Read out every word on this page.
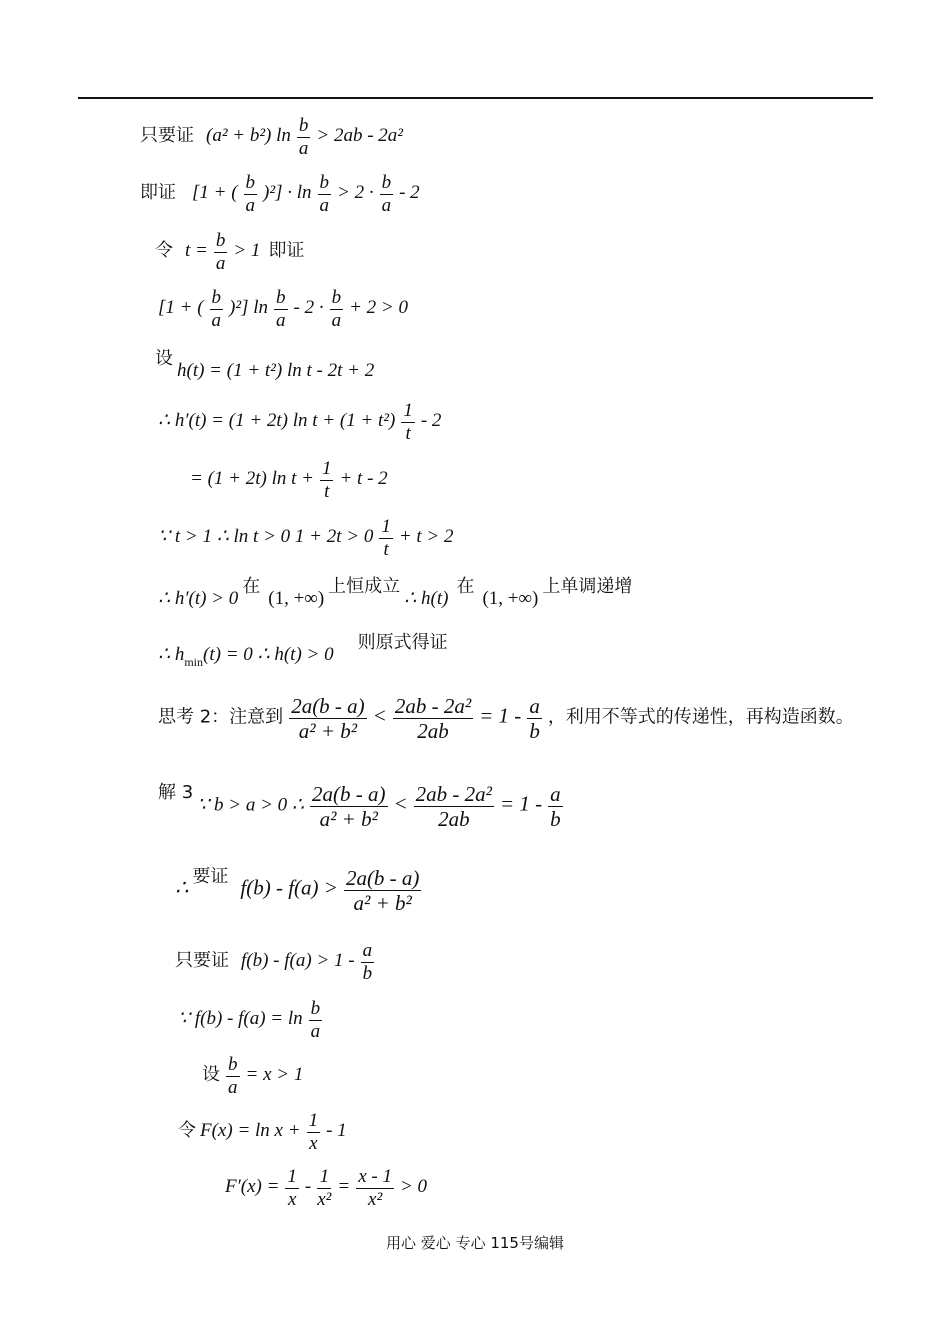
只要证 (a² + b²) $\ln \frac{b}{a} > 2ab - 2a^2$
即证 [1 + ( $\frac{b}{a} )^2] \cdot \ln \frac{b}{a} > 2 \cdot \frac{b}{a} - 2$
令 $t = \frac{b}{a} > 1$ 即证
[1 + ( $\frac{b}{a} )^2$] $\ln \frac{b}{a} - 2 \cdot \frac{b}{a} + 2 > 0$
设 h(t) = (1 + t²) ln t - 2t + 2
∴ h′(t) = (1 + 2t) $\ln t + (1 + t^2) \frac{1}{t} - 2$
= (1 + 2t) $\ln t + \frac{1}{t} + t - 2$
∵ t > 1 ∴ ln t > 0 $1 + 2t > 0 \frac{1}{t} + t > 2$
∴ h′(t) > 0 在  (1, +∞) 上恒成立 ∴ h(t)  在  (1, +∞) 上单调递增
∴ $h_{min}(t) = 0$ ∴ h(t) > 0      则原式得证
思考 2：注意到 $\frac{2a(b - a)}{\text{a² + b²}} < \frac{\text{2ab - 2a²}}{2ab} = 1 - \frac{a}{b}$ ，利用不等式的传递性，再构造函数。
解 3 ∵ b > a > 0 ∴ $\frac{2a(b - a)}{\text{a² + b²}} < \frac{\text{2ab - 2a²}}{2ab} = 1 - \frac{a}{b}$
∴ 要证 $f(b) - f(a) > \frac{2a(b - a)}{\text{a² + b²}}$
只要证 $f(b) - f(a) > 1 - \frac{a}{b}$
∵ $f(b) - f(a) = \ln \frac{b}{a}$
设 $\frac{b}{a} = x > 1$
令 $F(x) = \ln x + \frac{1}{x} - 1$
$F'(x) = \frac{1}{x} - \frac{1}{\text{x²}} = \frac{x - 1}{\text{x²}} > 0$
用心 爱心 专心 115号编辑
